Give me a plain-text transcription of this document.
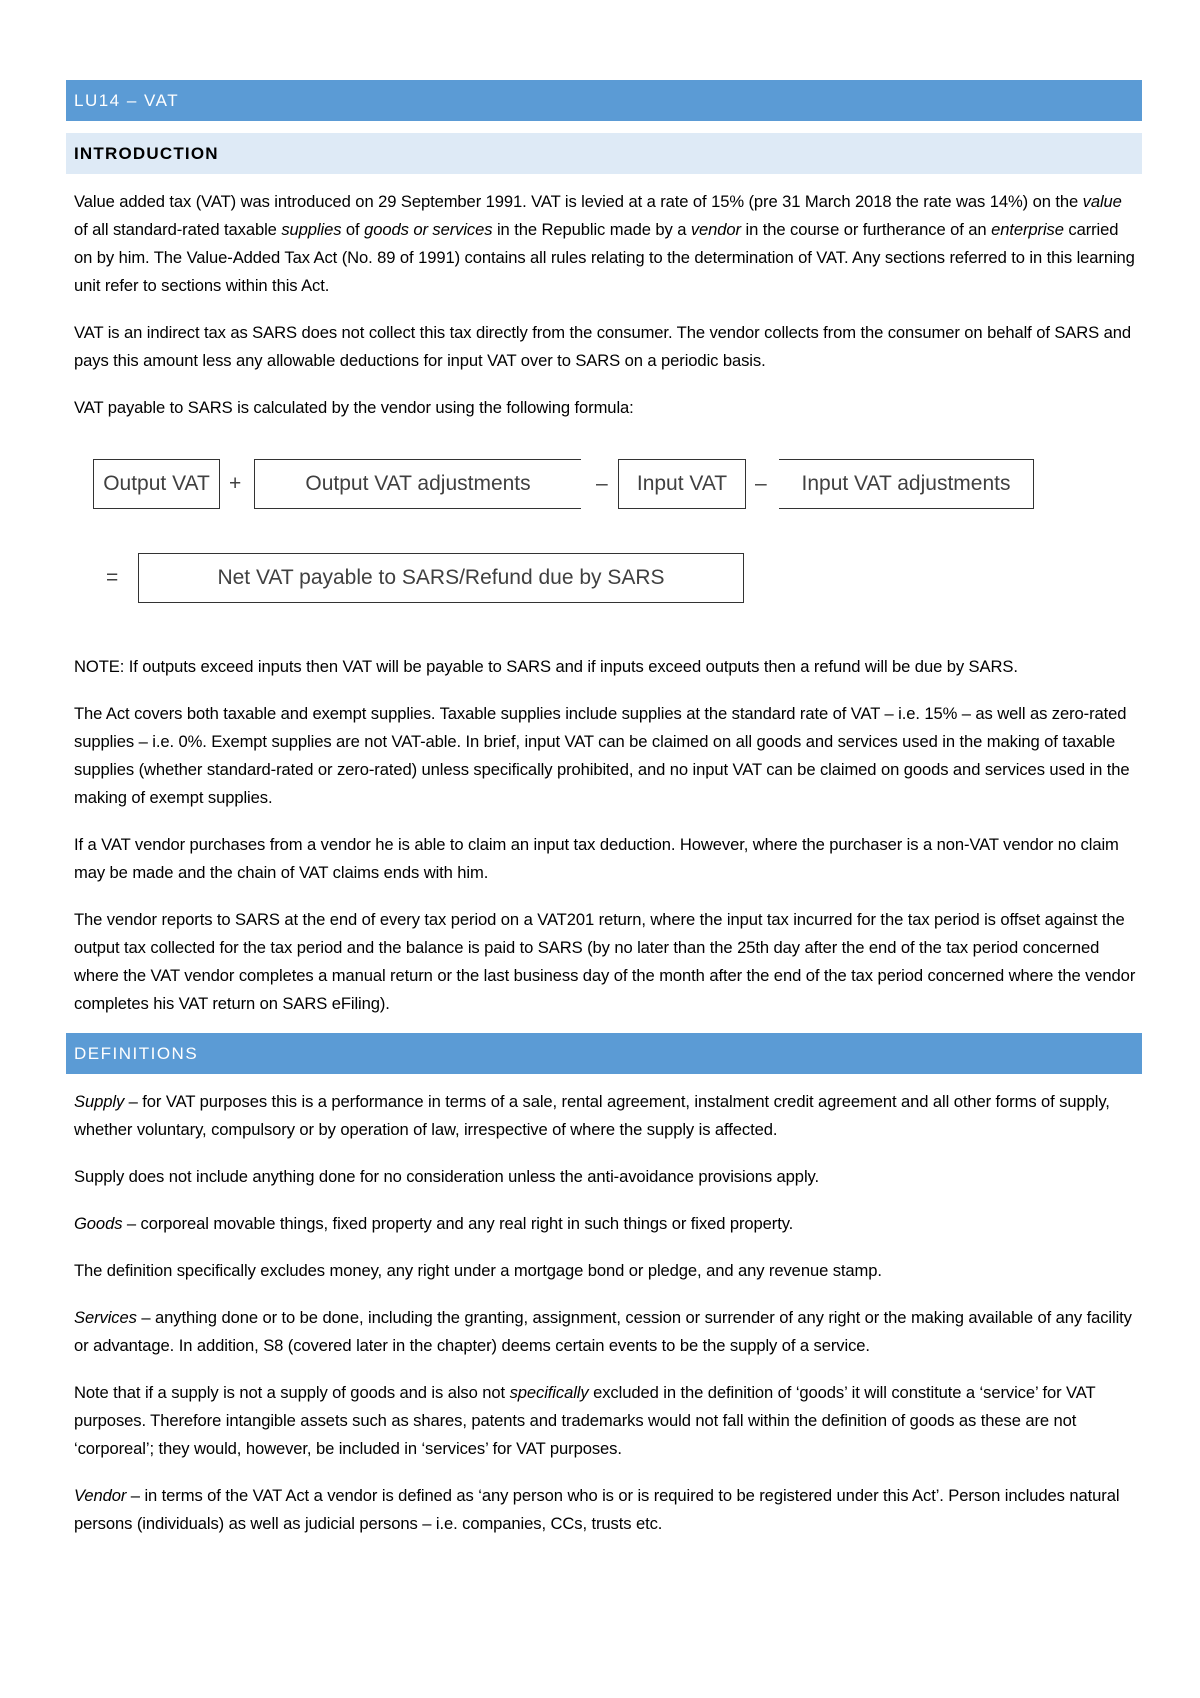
LU14 – VAT
INTRODUCTION

Value added tax (VAT) was introduced on 29 September 1991. VAT is levied at a rate of 15% (pre 31 March 2018 the rate was 14%) on the value of all standard-rated taxable supplies of goods or services in the Republic made by a vendor in the course or furtherance of an enterprise carried on by him. The Value-Added Tax Act (No. 89 of 1991) contains all rules relating to the determination of VAT. Any sections referred to in this learning unit refer to sections within this Act.

VAT is an indirect tax as SARS does not collect this tax directly from the consumer. The vendor collects from the consumer on behalf of SARS and pays this amount less any allowable deductions for input VAT over to SARS on a periodic basis.

VAT payable to SARS is calculated by the vendor using the following formula:

Output VAT +	Output VAT adjustments	–	Input VAT	–	Input VAT adjustments
=	Net VAT payable to SARS/Refund due by SARS

NOTE: If outputs exceed inputs then VAT will be payable to SARS and if inputs exceed outputs then a refund will be due by SARS.

The Act covers both taxable and exempt supplies. Taxable supplies include supplies at the standard rate of VAT – i.e. 15% – as well as zero-rated supplies – i.e. 0%. Exempt supplies are not VAT-able. In brief, input VAT can be claimed on all goods and services used in the making of taxable supplies (whether standard-rated or zero-rated) unless specifically prohibited, and no input VAT can be claimed on goods and services used in the making of exempt supplies.

If a VAT vendor purchases from a vendor he is able to claim an input tax deduction. However, where the purchaser is a non-VAT vendor no claim may be made and the chain of VAT claims ends with him.

The vendor reports to SARS at the end of every tax period on a VAT201 return, where the input tax incurred for the tax period is offset against the output tax collected for the tax period and the balance is paid to SARS (by no later than the 25th day after the end of the tax period concerned where the VAT vendor completes a manual return or the last business day of the month after the end of the tax period concerned where the vendor completes his VAT return on SARS eFiling).

DEFINITIONS

Supply – for VAT purposes this is a performance in terms of a sale, rental agreement, instalment credit agreement and all other forms of supply, whether voluntary, compulsory or by operation of law, irrespective of where the supply is affected.

Supply does not include anything done for no consideration unless the anti-avoidance provisions apply.

Goods – corporeal movable things, fixed property and any real right in such things or fixed property.

The definition specifically excludes money, any right under a mortgage bond or pledge, and any revenue stamp.

Services – anything done or to be done, including the granting, assignment, cession or surrender of any right or the making available of any facility or advantage. In addition, S8 (covered later in the chapter) deems certain events to be the supply of a service.

Note that if a supply is not a supply of goods and is also not specifically excluded in the definition of ‘goods’ it will constitute a ‘service’ for VAT purposes. Therefore intangible assets such as shares, patents and trademarks would not fall within the definition of goods as these are not ‘corporeal’; they would, however, be included in ‘services’ for VAT purposes.

Vendor – in terms of the VAT Act a vendor is defined as ‘any person who is or is required to be registered under this Act’. Person includes natural persons (individuals) as well as judicial persons – i.e. companies, CCs, trusts etc.
